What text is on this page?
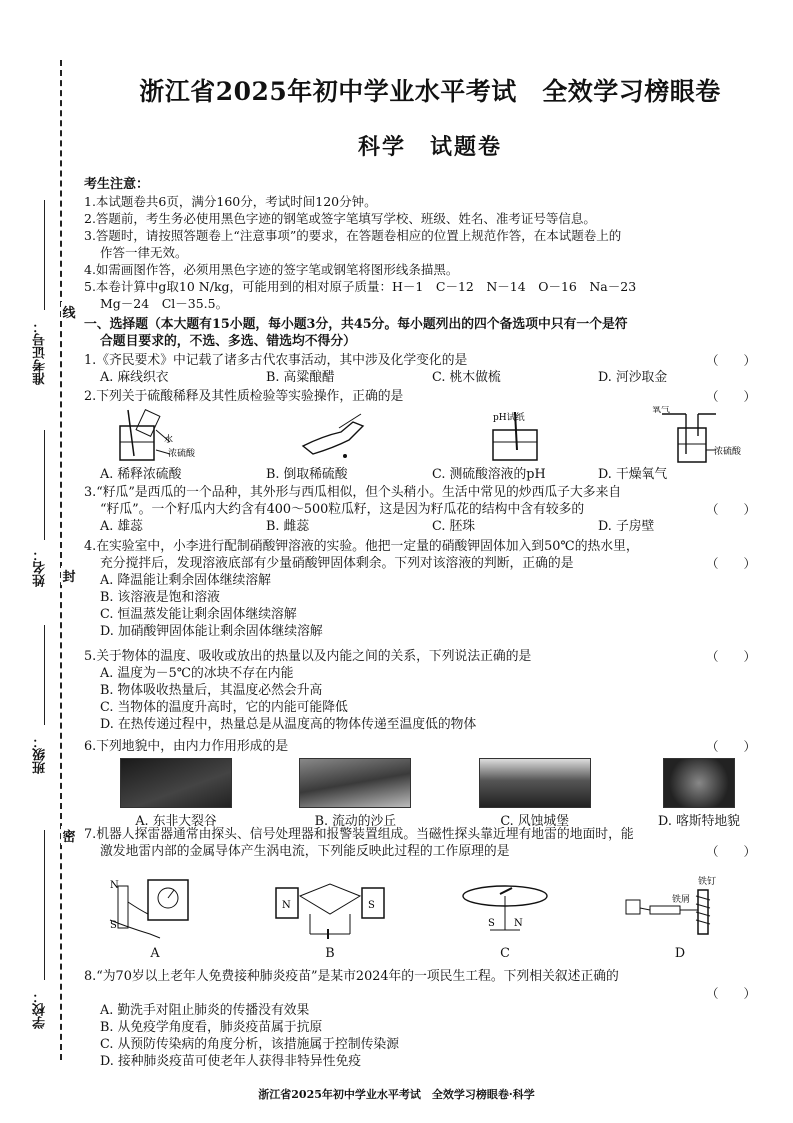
准考证号：
姓名：
班级：
学校：
线
封
密
浙江省2025年初中学业水平考试　全效学习榜眼卷
科学　试题卷
考生注意：
1.本试题卷共6页，满分160分，考试时间120分钟。
2.答题前，考生务必使用黑色字迹的钢笔或签字笔填写学校、班级、姓名、准考证号等信息。
3.答题时，请按照答题卷上“注意事项”的要求，在答题卷相应的位置上规范作答，在本试题卷上的
作答一律无效。
4.如需画图作答，必须用黑色字迹的签字笔或钢笔将图形线条描黑。
5.本卷计算中g取10 N/kg，可能用到的相对原子质量：H－1　C－12　N－14　O－16　Na－23
Mg－24　Cl－35.5。
一、选择题（本大题有15小题，每小题3分，共45分。每小题列出的四个备选项中只有一个是符
合题目要求的，不选、多选、错选均不得分）
1.《齐民要术》中记载了诸多古代农事活动，其中涉及化学变化的是	（　　）
A. 麻线织衣	B. 高粱酿醋	C. 桃木做梳	D. 河沙取金
2.下列关于硫酸稀释及其性质检验等实验操作，正确的是	（　　）
水
浓硫酸
pH试纸
氧气
浓硫酸
A. 稀释浓硫酸	B. 倒取稀硫酸	C. 测硫酸溶液的pH	D. 干燥氧气
3.“籽瓜”是西瓜的一个品种，其外形与西瓜相似，但个头稍小。生活中常见的炒西瓜子大多来自
“籽瓜”。一个籽瓜内大约含有400～500粒瓜籽，这是因为籽瓜花的结构中含有较多的	（　　）
A. 雄蕊	B. 雌蕊	C. 胚珠	D. 子房壁
4.在实验室中，小李进行配制硝酸钾溶液的实验。他把一定量的硝酸钾固体加入到50℃的热水里，
充分搅拌后，发现溶液底部有少量硝酸钾固体剩余。下列对该溶液的判断，正确的是	（　　）
A. 降温能让剩余固体继续溶解
B. 该溶液是饱和溶液
C. 恒温蒸发能让剩余固体继续溶解
D. 加硝酸钾固体能让剩余固体继续溶解
5.关于物体的温度、吸收或放出的热量以及内能之间的关系，下列说法正确的是	（　　）
A. 温度为－5℃的冰块不存在内能
B. 物体吸收热量后，其温度必然会升高
C. 当物体的温度升高时，它的内能可能降低
D. 在热传递过程中，热量总是从温度高的物体传递至温度低的物体
6.下列地貌中，由内力作用形成的是	（　　）
A. 东非大裂谷	B. 流动的沙丘	C. 风蚀城堡	D. 喀斯特地貌
7.机器人探雷器通常由探头、信号处理器和报警装置组成。当磁性探头靠近埋有地雷的地面时，能
激发地雷内部的金属导体产生涡电流，下列能反映此过程的工作原理的是	（　　）
N
S
A
N	S
B
S N
C
铁钉
铁屑
D
8.“为70岁以上老年人免费接种肺炎疫苗”是某市2024年的一项民生工程。下列相关叙述正确的
（　　）
A. 勤洗手对阻止肺炎的传播没有效果
B. 从免疫学角度看，肺炎疫苗属于抗原
C. 从预防传染病的角度分析，该措施属于控制传染源
D. 接种肺炎疫苗可使老年人获得非特异性免疫
浙江省2025年初中学业水平考试　全效学习榜眼卷·科学
